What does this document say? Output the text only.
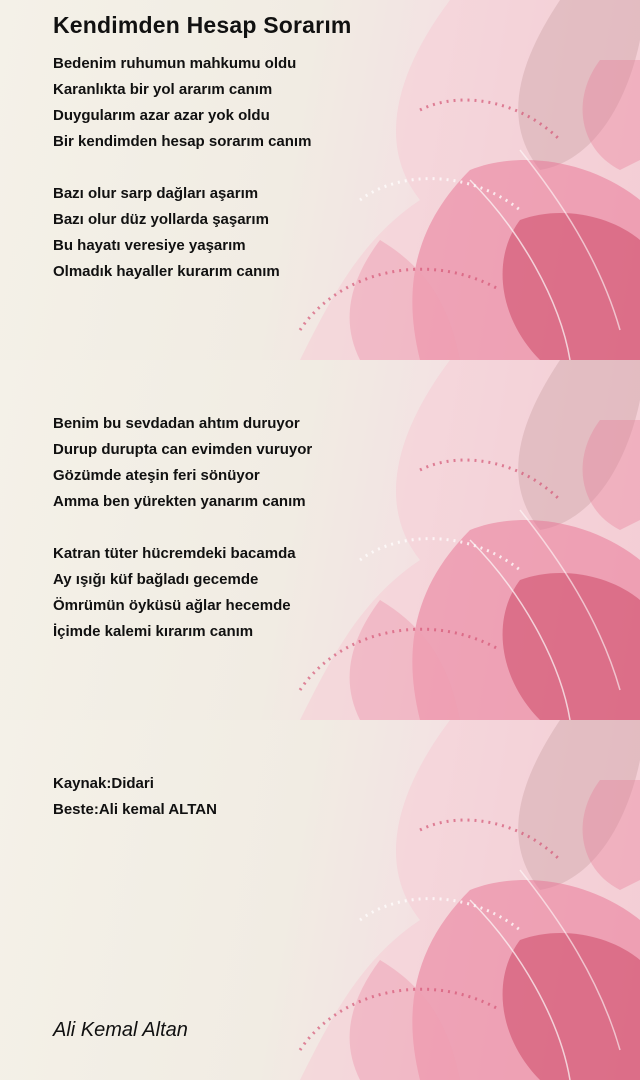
Kendimden Hesap Sorarım
Bedenim ruhumun mahkumu oldu
Karanlıkta bir yol ararım canım
Duygularım azar azar yok oldu
Bir kendimden hesap sorarım canım
Bazı olur sarp dağları aşarım
Bazı olur düz yollarda şaşarım
Bu hayatı veresiye yaşarım
Olmadık hayaller kurarım canım
Benim bu sevdadan ahtım duruyor
Durup durupta can evimden vuruyor
Gözümde ateşin feri sönüyor
Amma ben yürekten yanarım canım
Katran tüter hücremdeki bacamda
Ay ışığı küf bağladı gecemde
Ömrümün öyküsü ağlar hecemde
İçimde kalemi kırarım canım
Kaynak:Didari
Beste:Ali kemal ALTAN
Ali Kemal Altan
